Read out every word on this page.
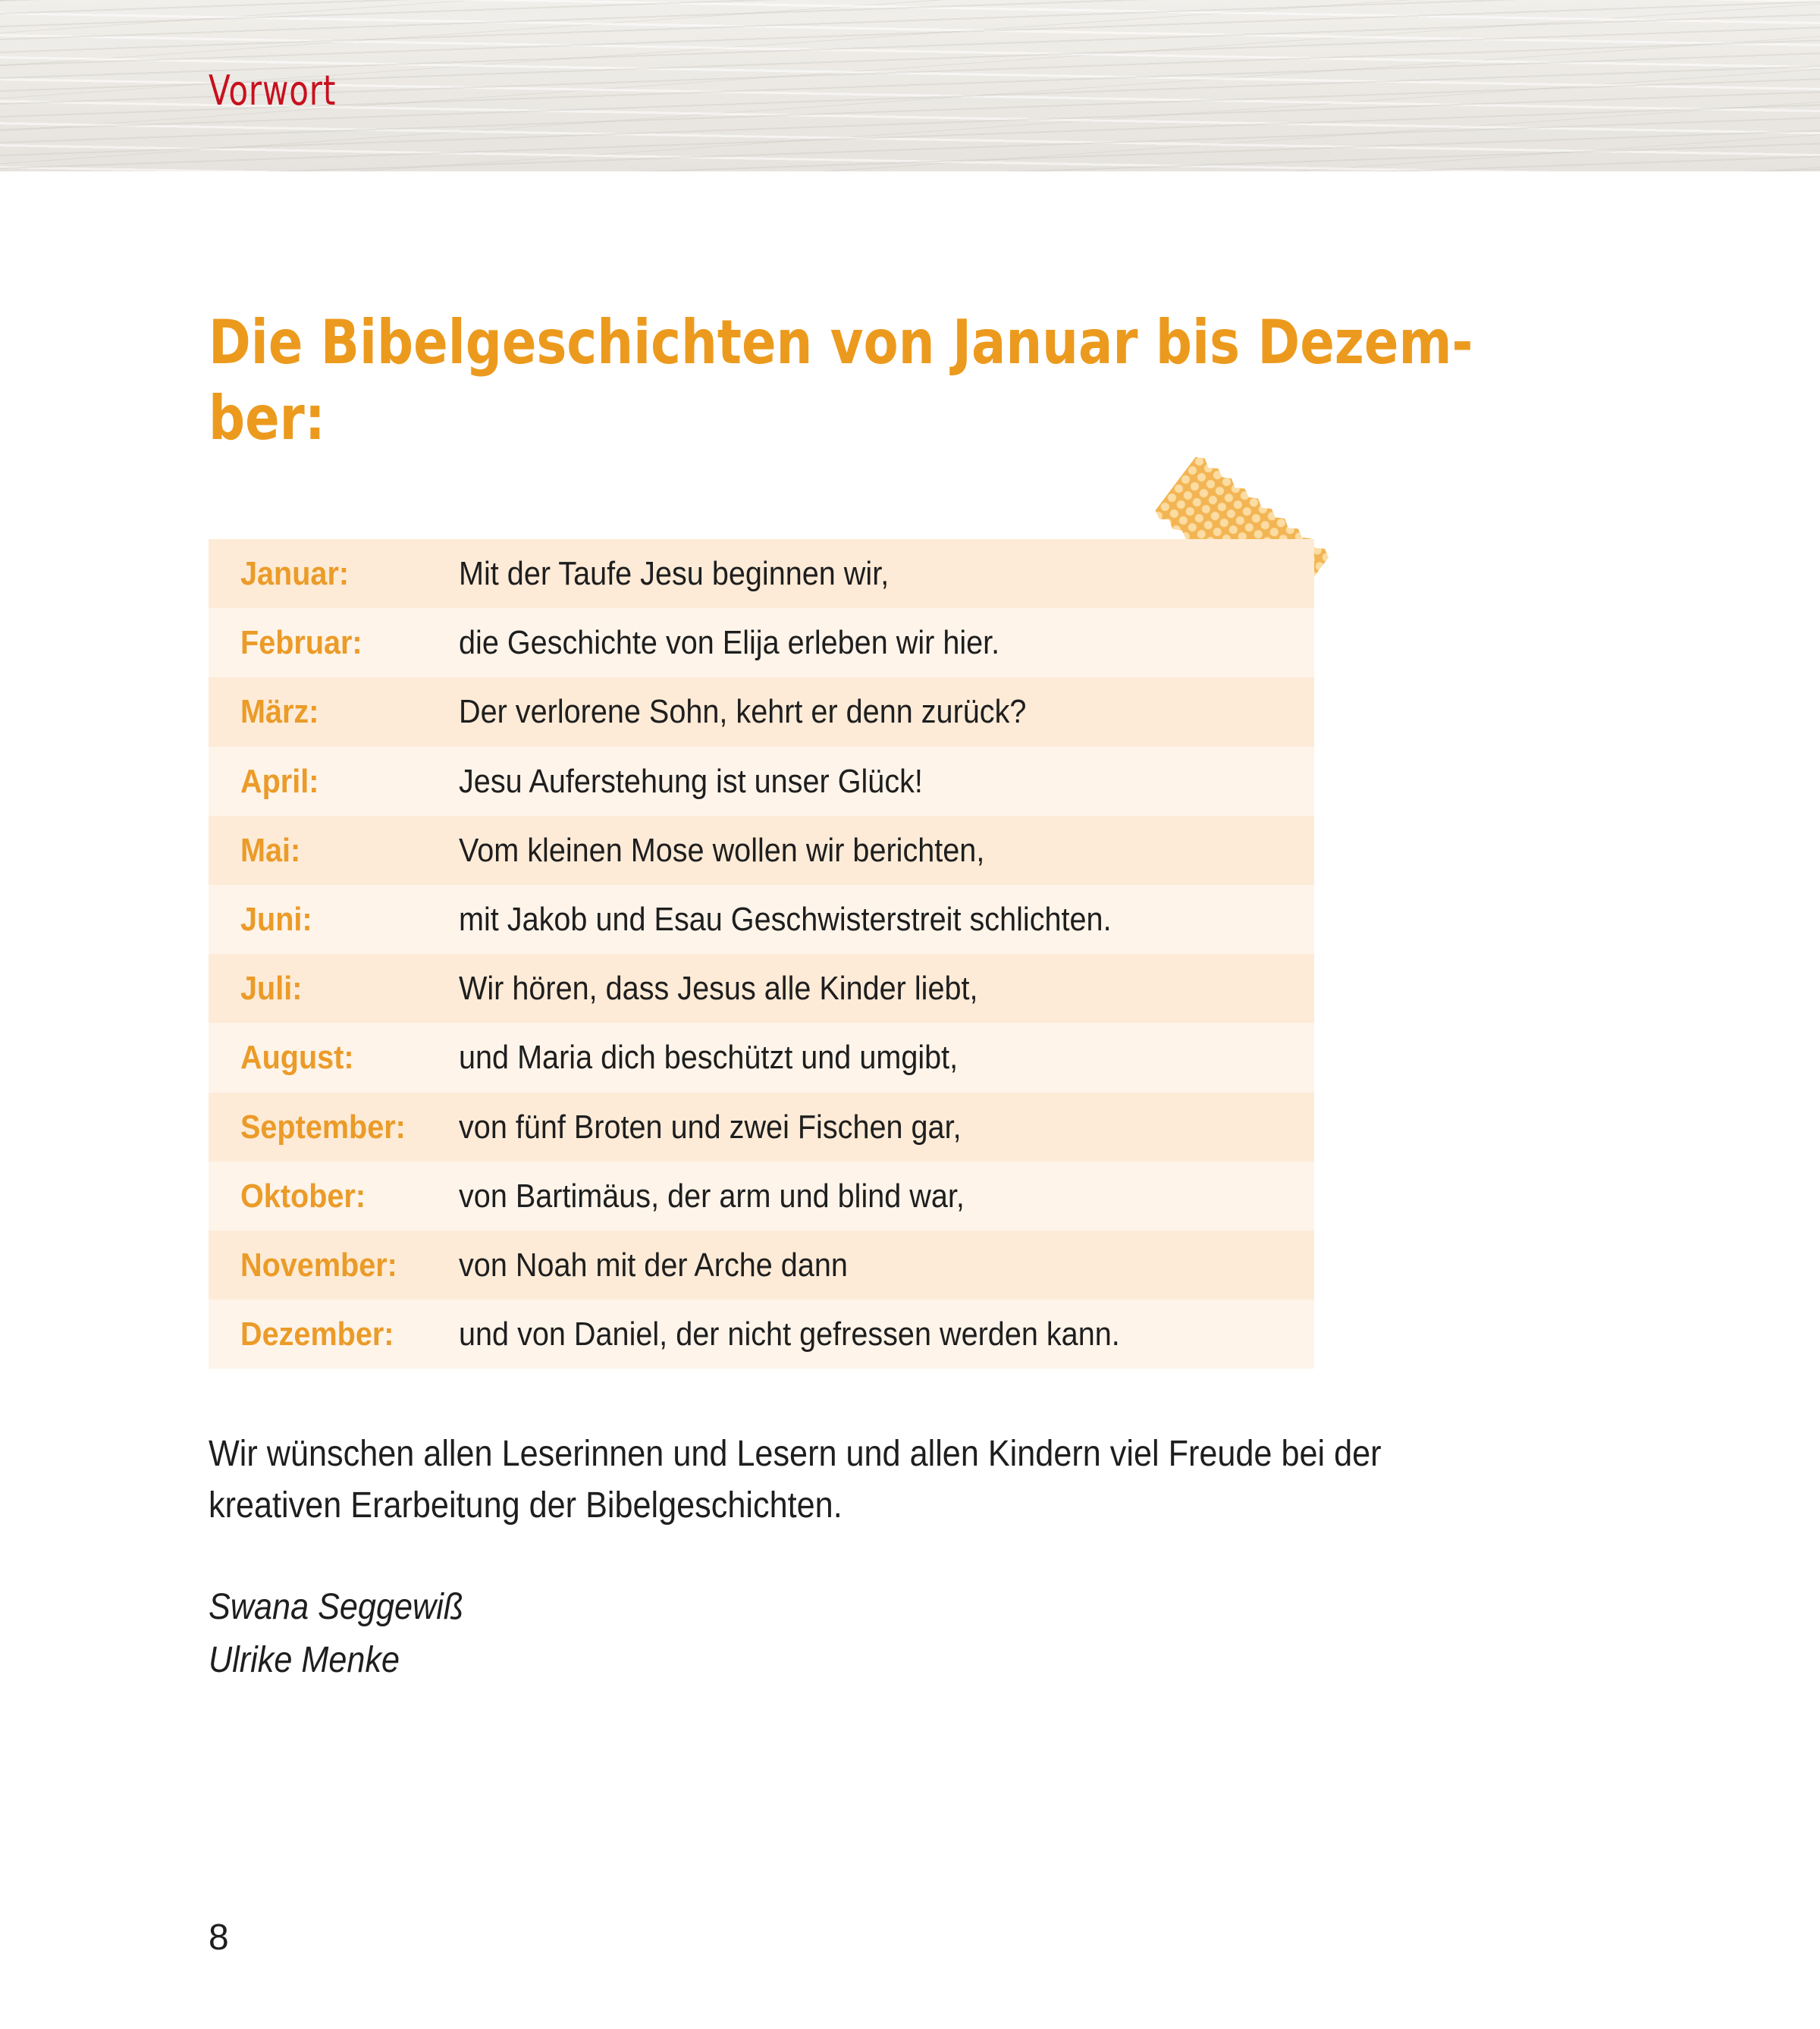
Vorwort
Die Bibelgeschichten von Januar bis Dezem-
ber:
Januar:	Mit der Taufe Jesu beginnen wir,
Februar:	die Geschichte von Elija erleben wir hier.
März:	Der verlorene Sohn, kehrt er denn zurück?
April:	Jesu Auferstehung ist unser Glück!
Mai:	Vom kleinen Mose wollen wir berichten,
Juni:	mit Jakob und Esau Geschwisterstreit schlichten.
Juli:	Wir hören, dass Jesus alle Kinder liebt,
August:	und Maria dich beschützt und umgibt,
September: von fünf Broten und zwei Fischen gar,
Oktober:	von Bartimäus, der arm und blind war,
November: von Noah mit der Arche dann
Dezember: und von Daniel, der nicht gefressen werden kann.

Wir wünschen allen Leserinnen und Lesern und allen Kindern viel Freude bei der
kreativen Erarbeitung der Bibelgeschichten.

Swana Seggewiß

Ulrike Menke

8
